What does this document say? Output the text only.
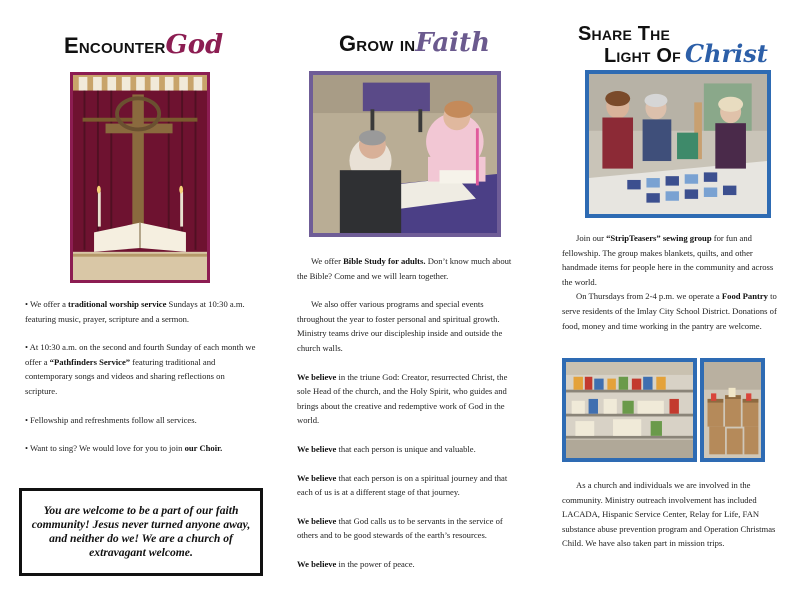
EncounterGod

• We offer a traditional worship service Sundays at 10:30 a.m. featuring music, prayer, scripture and a sermon.

• At 10:30 a.m. on the second and fourth Sunday of each month we offer a “Pathfinders Service” featuring traditional and contemporary songs and videos and sharing reflections on scripture.

• Fellowship and refreshments follow all services.

• Want to sing? We would love for you to join our Choir.

You are welcome to be a part of our faith community! Jesus never turned anyone away, and neither do we! We are a church of extravagant welcome.
Grow inFaith

We offer Bible Study for adults. Don’t know much about the Bible? Come and we will learn together.

We also offer various programs and special events throughout the year to foster personal and spiritual growth. Ministry teams drive our discipleship inside and outside the church walls.

We believe in the triune God: Creator, resurrected Christ, the sole Head of the church, and the Holy Spirit, who guides and brings about the creative and redemptive work of God in the world.

We believe that each person is unique and valuable.

We believe that each person is on a spiritual journey and that each of us is at a different stage of that journey.

We believe that God calls us to be servants in the service of others and to be good stewards of the earth’s resources.

We believe in the power of peace.

Share The
Light Of Christ

Join our “StripTeasers” sewing group for fun and fellowship. The group makes blankets, quilts, and other handmade items for people here in the community and across the world.

On Thursdays from 2-4 p.m. we operate a Food Pantry to serve residents of the Imlay City School District. Donations of food, money and time working in the pantry are welcome.

As a church and individuals we are involved in the community. Ministry outreach involvement has included LACADA, Hispanic Service Center, Relay for Life, FAN substance abuse prevention program and Operation Christmas Child. We have also taken part in mission trips.
